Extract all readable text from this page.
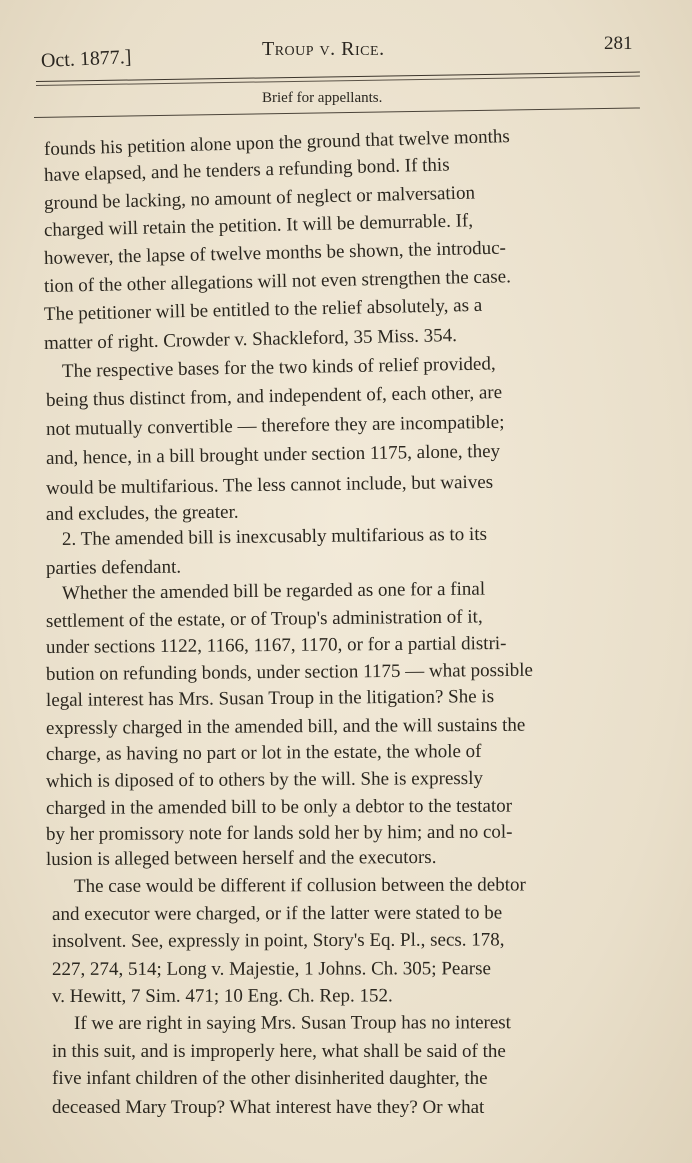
Oct. 1877.]	Troup v. Rice.	281
Brief for appellants.
founds his petition alone upon the ground that twelve months
have elapsed, and he tenders a refunding bond. If this
ground be lacking, no amount of neglect or malversation
charged will retain the petition. It will be demurrable. If,
however, the lapse of twelve months be shown, the introduc-
tion of the other allegations will not even strengthen the case.
The petitioner will be entitled to the relief absolutely, as a
matter of right. Crowder v. Shackleford, 35 Miss. 354.
The respective bases for the two kinds of relief provided,
being thus distinct from, and independent of, each other, are
not mutually convertible — therefore they are incompatible;
and, hence, in a bill brought under section 1175, alone, they
would be multifarious. The less cannot include, but waives
and excludes, the greater.
2. The amended bill is inexcusably multifarious as to its
parties defendant.
Whether the amended bill be regarded as one for a final
settlement of the estate, or of Troup's administration of it,
under sections 1122, 1166, 1167, 1170, or for a partial distri-
bution on refunding bonds, under section 1175 — what possible
legal interest has Mrs. Susan Troup in the litigation? She is
expressly charged in the amended bill, and the will sustains the
charge, as having no part or lot in the estate, the whole of
which is diposed of to others by the will. She is expressly
charged in the amended bill to be only a debtor to the testator
by her promissory note for lands sold her by him; and no col-
lusion is alleged between herself and the executors.
The case would be different if collusion between the debtor
and executor were charged, or if the latter were stated to be
insolvent. See, expressly in point, Story's Eq. Pl., secs. 178,
227, 274, 514; Long v. Majestie, 1 Johns. Ch. 305; Pearse
v. Hewitt, 7 Sim. 471; 10 Eng. Ch. Rep. 152.
If we are right in saying Mrs. Susan Troup has no interest
in this suit, and is improperly here, what shall be said of the
five infant children of the other disinherited daughter, the
deceased Mary Troup? What interest have they? Or what
